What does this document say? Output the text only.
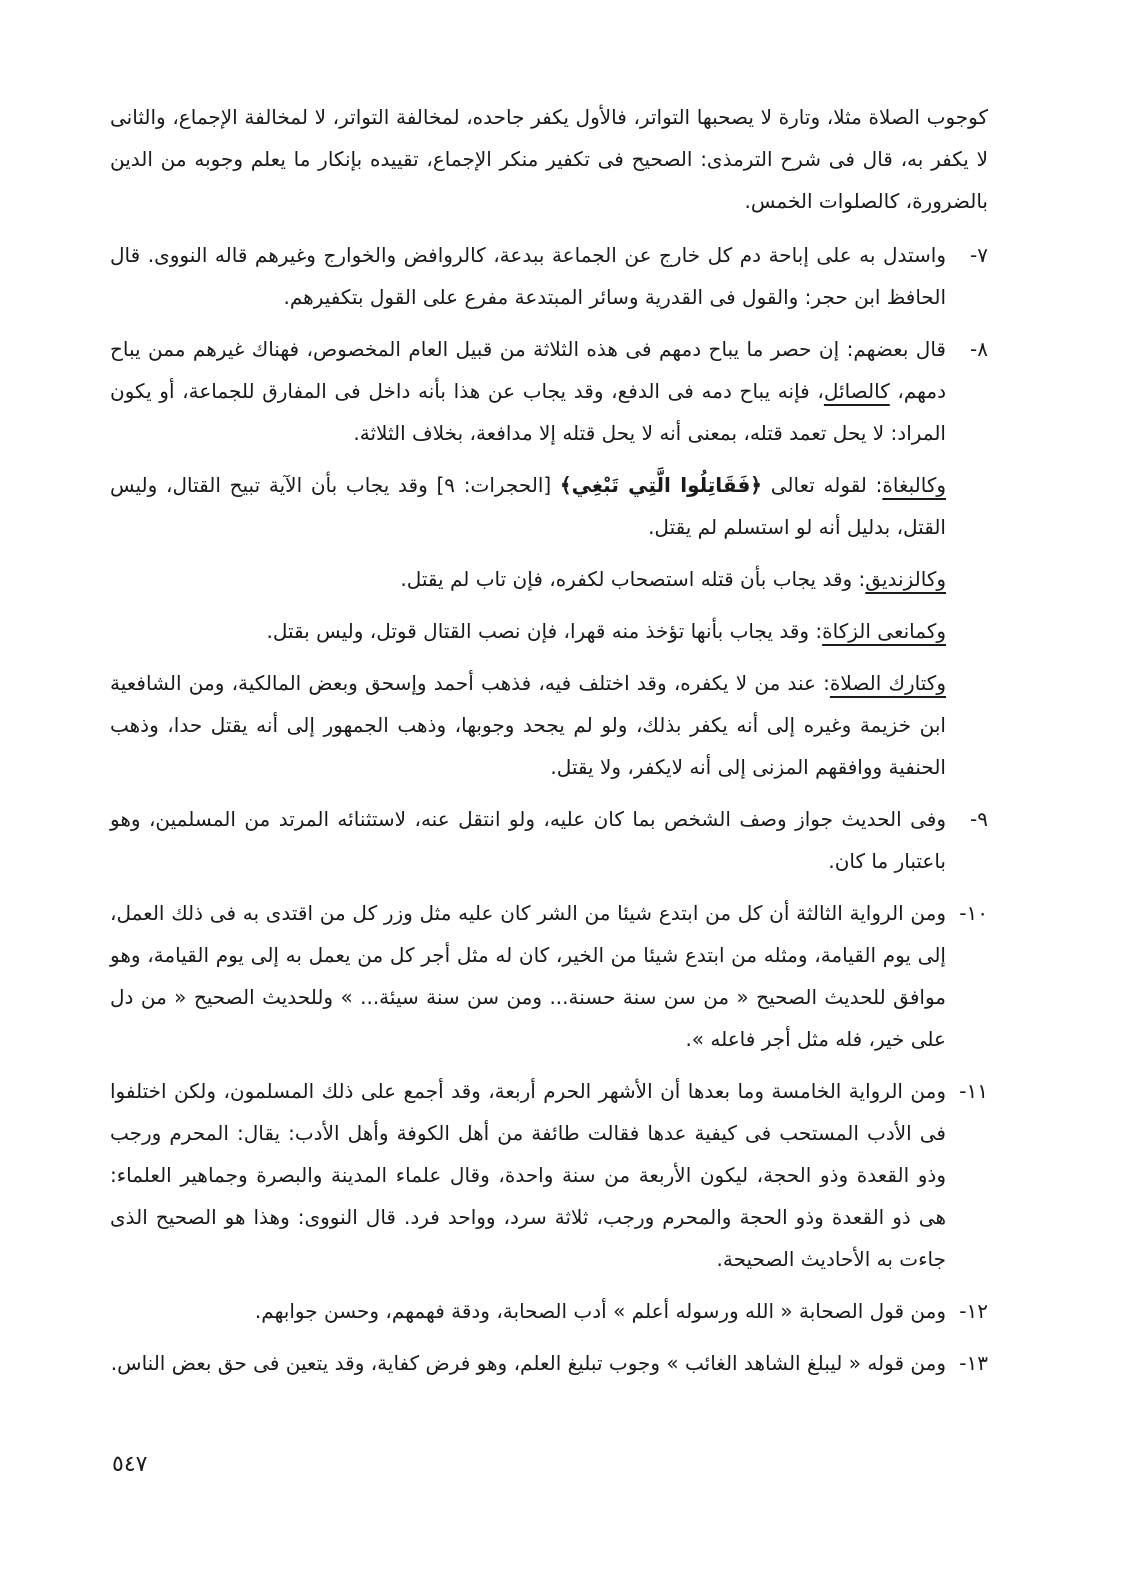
كوجوب الصلاة مثلا، وتارة لا يصحبها التواتر، فالأول يكفر جاحده، لمخالفة التواتر، لا لمخالفة الإجماع، والثانى لا يكفر به، قال فى شرح الترمذى: الصحيح فى تكفير منكر الإجماع، تقييده بإنكار ما يعلم وجوبه من الدين بالضرورة، كالصلوات الخمس.

٧-
واستدل به على إباحة دم كل خارج عن الجماعة ببدعة، كالروافض والخوارج وغيرهم قاله النووى. قال الحافظ ابن حجر: والقول فى القدرية وسائر المبتدعة مفرع على القول بتكفيرهم.
٨-
قال بعضهم: إن حصر ما يباح دمهم فى هذه الثلاثة من قبيل العام المخصوص، فهناك غيرهم ممن يباح دمهم، كالصائل، فإنه يباح دمه فى الدفع، وقد يجاب عن هذا بأنه داخل فى المفارق للجماعة، أو يكون المراد: لا يحل تعمد قتله، بمعنى أنه لا يحل قتله إلا مدافعة، بخلاف الثلاثة.
وكالبغاة: لقوله تعالى ﴿فَقَاتِلُوا الَّتِي تَبْغِي﴾ [الحجرات: ٩] وقد يجاب بأن الآية تبيح القتال، وليس القتل، بدليل أنه لو استسلم لم يقتل.
وكالزنديق: وقد يجاب بأن قتله استصحاب لكفره، فإن تاب لم يقتل.
وكمانعى الزكاة: وقد يجاب بأنها تؤخذ منه قهرا، فإن نصب القتال قوتل، وليس بقتل.
وكتارك الصلاة: عند من لا يكفره، وقد اختلف فيه، فذهب أحمد وإسحق وبعض المالكية، ومن الشافعية ابن خزيمة وغيره إلى أنه يكفر بذلك، ولو لم يجحد وجوبها، وذهب الجمهور إلى أنه يقتل حدا، وذهب الحنفية ووافقهم المزنى إلى أنه لايكفر، ولا يقتل.
٩-
وفى الحديث جواز وصف الشخص بما كان عليه، ولو انتقل عنه، لاستثنائه المرتد من المسلمين، وهو باعتبار ما كان.
١٠-
ومن الرواية الثالثة أن كل من ابتدع شيئا من الشر كان عليه مثل وزر كل من اقتدى به فى ذلك العمل، إلى يوم القيامة، ومثله من ابتدع شيئا من الخير، كان له مثل أجر كل من يعمل به إلى يوم القيامة، وهو موافق للحديث الصحيح « من سن سنة حسنة... ومن سن سنة سيئة... » وللحديث الصحيح « من دل على خير، فله مثل أجر فاعله ».
١١-
ومن الرواية الخامسة وما بعدها أن الأشهر الحرم أربعة، وقد أجمع على ذلك المسلمون، ولكن اختلفوا فى الأدب المستحب فى كيفية عدها فقالت طائفة من أهل الكوفة وأهل الأدب: يقال: المحرم ورجب وذو القعدة وذو الحجة، ليكون الأربعة من سنة واحدة، وقال علماء المدينة والبصرة وجماهير العلماء: هى ذو القعدة وذو الحجة والمحرم ورجب، ثلاثة سرد، وواحد فرد. قال النووى: وهذا هو الصحيح الذى جاءت به الأحاديث الصحيحة.
١٢-
ومن قول الصحابة « الله ورسوله أعلم » أدب الصحابة، ودقة فهمهم، وحسن جوابهم.
١٣-
ومن قوله « ليبلغ الشاهد الغائب » وجوب تبليغ العلم، وهو فرض كفاية، وقد يتعين فى حق بعض الناس.
٥٤٧
